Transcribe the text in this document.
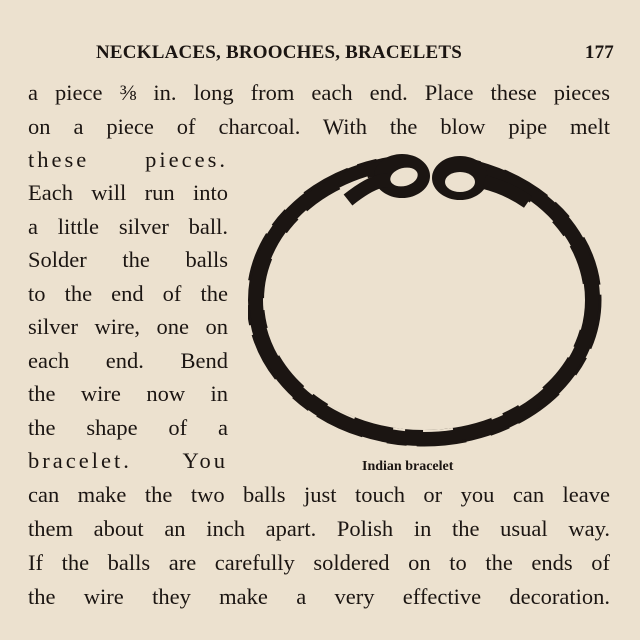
NECKLACES, BROOCHES, BRACELETS	177
a piece ⅜ in. long from each end. Place these pieces
on a piece of charcoal. With the blow pipe melt
these pieces.
Each will run into
a little silver ball.
Solder the balls
to the end of the
silver wire, one on
each end. Bend
the wire now in
the shape of a
bracelet. You
can make the two balls just touch or you can leave
them about an inch apart. Polish in the usual way.
If the balls are carefully soldered on to the ends of
the wire they make a very effective decoration.
Indian bracelet
